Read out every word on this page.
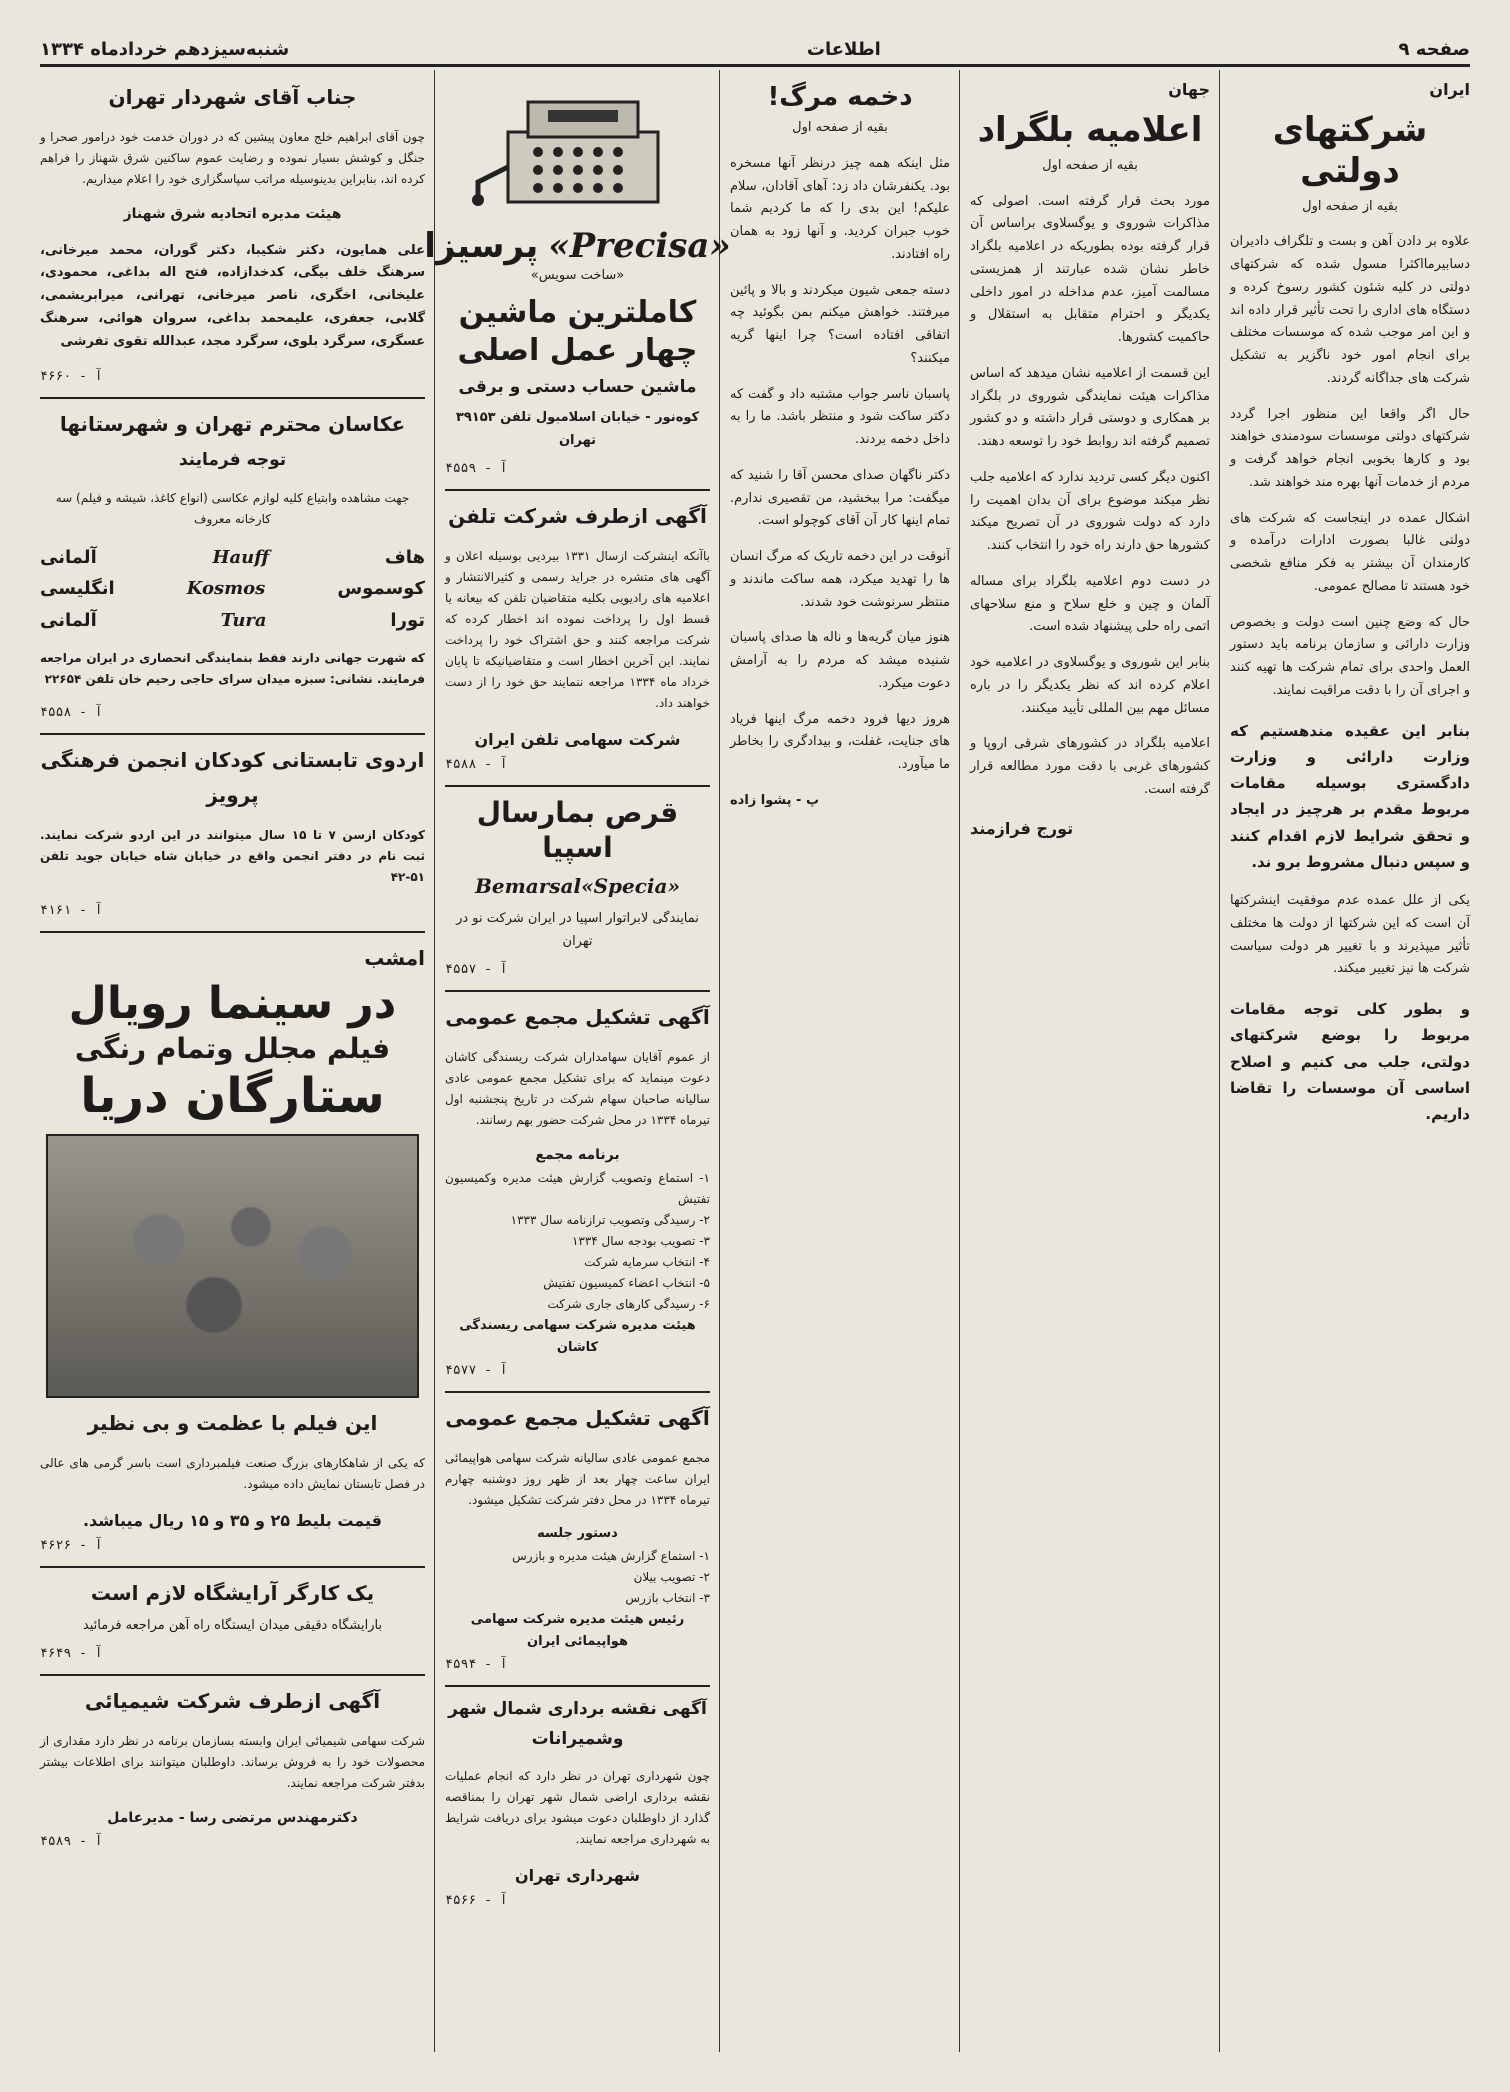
صفحه ۹
اطلاعات
شنبه‌سیزدهم خردادماه ۱۳۳۴
ایران
شرکتهای دولتی
بقیه از صفحه اول

علاوه بر دادن آهن و بست و تلگراف دادیران دسابیرمااکثرا مسول شده که شرکتهای دولتی در کلیه شئون کشور رسوخ کرده و دستگاه های اداری را تحت تأثیر قرار داده اند و این امر موجب شده که موسسات مختلف برای انجام امور خود ناگزیر به تشکیل شرکت های جداگانه گردند.

حال اگر واقعا این منظور اجرا گردد شرکتهای دولتی موسسات سودمندی خواهند بود و کارها بخوبی انجام خواهد گرفت و مردم از خدمات آنها بهره مند خواهند شد.

اشکال عمده در اینجاست که شرکت های دولتی غالبا بصورت ادارات درآمده و کارمندان آن بیشتر به فکر منافع شخصی خود هستند تا مصالح عمومی.

حال که وضع چنین است دولت و بخصوص وزارت دارائی و سازمان برنامه باید دستور العمل واحدی برای تمام شرکت ها تهیه کنند و اجرای آن را با دقت مراقبت نمایند.

بنابر این عقیده مندهستیم که وزارت دارائی و وزارت دادگستری بوسیله مقامات مربوط مقدم بر هرچیز در ایجاد و تحقق شرایط لازم اقدام کنند و سپس دنبال مشروط برو ند.

یکی از علل عمده عدم موفقیت اینشرکتها آن است که این شرکتها از دولت ها مختلف تأثیر میپذیرند و با تغییر هر دولت سیاست شرکت ها نیز تغییر میکند.

و بطور کلی توجه مقامات مربوط را بوضع شرکتهای دولتی، جلب می کنیم و اصلاح اساسی آن موسسات را تقاضا داریم.

جهان
اعلامیه بلگراد
بقیه از صفحه اول

مورد بحث قرار گرفته است. اصولی که مذاکرات شوروی و یوگسلاوی براساس آن قرار گرفته بوده بطوریکه در اعلامیه بلگراد خاطر نشان شده عبارتند از همزیستی مسالمت آمیز، عدم مداخله در امور داخلی یکدیگر و احترام متقابل به استقلال و حاکمیت کشورها.

این قسمت از اعلامیه نشان میدهد که اساس مذاکرات هیئت نمایندگی شوروی در بلگراد بر همکاری و دوستی قرار داشته و دو کشور تصمیم گرفته اند روابط خود را توسعه دهند.

اکنون دیگر کسی تردید ندارد که اعلامیه جلب نظر میکند موضوع برای آن بدان اهمیت را دارد که دولت شوروی در آن تصریح میکند کشورها حق دارند راه خود را انتخاب کنند.

در دست دوم اعلامیه بلگراد برای مساله آلمان و چین و خلع سلاح و منع سلاحهای اتمی راه حلی پیشنهاد شده است.

بنابر این شوروی و یوگسلاوی در اعلامیه خود اعلام کرده اند که نظر یکدیگر را در باره مسائل مهم بین المللی تأیید میکنند.

اعلامیه بلگراد در کشورهای شرقی اروپا و کشورهای غربی با دقت مورد مطالعه قرار گرفته است.

تورج فرازمند
دخمه مرگ!
بقیه از صفحه اول

مثل اینکه همه چیز درنظر آنها مسخره بود. یکنفرشان داد زد: آهای آقادان، سلام علیکم! این بدی را که ما کردیم شما خوب جبران کردید. و آنها زود به همان راه افتادند.

دسته جمعی شیون میکردند و بالا و پائین میرفتند. خواهش میکنم بمن بگوئید چه اتفاقی افتاده است؟ چرا اینها گریه میکنند؟

پاسبان ناسر جواب مشتبه داد و گفت که دکتر ساکت شود و منتظر باشد. ما را به داخل دخمه بردند.

دکتر ناگهان صدای محسن آقا را شنید که میگفت: مرا ببخشید، من تقصیری ندارم. تمام اینها کار آن آقای کوچولو است.

آنوقت در این دخمه تاریک که مرگ انسان ها را تهدید میکرد، همه ساکت ماندند و منتظر سرنوشت خود شدند.

هنوز میان گریه‌ها و ناله ها صدای پاسبان شنیده میشد که مردم را به آرامش دعوت میکرد.

هروز دیها فرود دخمه مرگ اینها فریاد های جنایت، غفلت، و بیدادگری را بخاطر ما میآورد.

پ - پشوا زاده
«Precisa»
پرسیزا
«ساخت سویس»
کاملترین ماشین چهار عمل اصلی
ماشین حساب دستی و برقی
کوه‌نور - خیابان اسلامبول تلفن ۳۹۱۵۳ تهران
آ - ۴۵۵۹
آگهی ازطرف شرکت تلفن

باآنکه اینشرکت ازسال ۱۳۳۱ بیردیی بوسیله اعلان و آگهی های متشره در جراید رسمی و کثیرالانتشار و اعلامیه های رادیویی بکلیه متقاضیان تلفن که بیعانه یا قسط اول را پرداخت نموده اند اخطار کرده که شرکت مراجعه کنند و حق اشتراک خود را پرداخت نمایند. این آخرین اخطار است و متقاضیانیکه تا پایان خرداد ماه ۱۳۳۴ مراجعه ننمایند حق خود را از دست خواهند داد.

شرکت سهامی تلفن ایران
آ - ۴۵۸۸
قرص بمارسال اسپیا
Bemarsal«Specia»
نمایندگی لابراتوار اسپیا در ایران شرکت نو در تهران
آ - ۴۵۵۷
آگهی تشکیل مجمع عمومی

از عموم آقایان سهامداران شرکت ریسندگی کاشان دعوت مینماید که برای تشکیل مجمع عمومی عادی سالیانه صاحبان سهام شرکت در تاریخ پنجشنبه اول تیرماه ۱۳۳۴ در محل شرکت حضور بهم رسانند.

برنامه مجمع
۱- استماع وتصویب گزارش هیئت مدیره وکمیسیون تفتیش
۲- رسیدگی وتصویب ترازنامه سال ۱۳۳۳
۳- تصویب بودجه سال ۱۳۳۴
۴- انتخاب سرمایه شرکت
۵- انتخاب اعضاء کمیسیون تفتیش
۶- رسیدگی کارهای جاری شرکت
هیئت مدیره شرکت سهامی ریسندگی کاشان
آ - ۴۵۷۷
آگهی تشکیل مجمع عمومی

مجمع عمومی عادی سالیانه شرکت سهامی هواپیمائی ایران ساعت چهار بعد از ظهر روز دوشنبه چهارم تیرماه ۱۳۳۴ در محل دفتر شرکت تشکیل میشود.

دستور جلسه
۱- استماع گزارش هیئت مدیره و بازرس
۲- تصویب بیلان
۳- انتخاب بازرس
رئیس هیئت مدیره شرکت سهامی هواپیمائی ایران
آ - ۴۵۹۴
آگهی نقشه برداری شمال شهر وشمیرانات

چون شهرداری تهران در نظر دارد که انجام عملیات نقشه برداری اراضی شمال شهر تهران را بمناقصه گذارد از داوطلبان دعوت میشود برای دریافت شرایط به شهرداری مراجعه نمایند.

شهرداری تهران
آ - ۴۵۶۶
جناب آقای شهردار تهران

چون آقای ابراهیم خلج معاون پیشین که در دوران خدمت خود درامور صحرا و جنگل و کوشش بسیار نموده و رضایت عموم ساکنین شرق شهناز را فراهم کرده اند، بنابراین بدینوسیله مراتب سپاسگزاری خود را اعلام میداریم.

هیئت مدیره اتحادیه شرق شهناز

علی همایون، دکتر شکیبا، دکتر گوران، محمد میرخانی، سرهنگ خلف بیگی، کدخدازاده، فتح اله بداغی، محمودی، علیخانی، اخگری، ناصر میرخانی، تهرانی، میرابریشمی، گلابی، جعفری، علیمحمد بداغی، سروان هوائی، سرهنگ عسگری، سرگرد بلوی، سرگرد مجد، عبدالله تقوی تفرشی

آ - ۴۶۶۰
عکاسان محترم تهران و شهرستانها
توجه فرمایند

جهت مشاهده وابتیاع کلیه لوازم عکاسی (انواع کاغذ، شیشه و فیلم) سه کارخانه معروف

هاف
Hauff
آلمانی
کوسموس
Kosmos
انگلیسی
تورا
Tura
آلمانی

که شهرت جهانی دارند فقط بنمایندگی انحصاری در ایران مراجعه فرمایند. نشانی: سبزه میدان سرای حاجی رحیم خان تلفن ۲۲۶۵۴

آ - ۴۵۵۸
اردوی تابستانی کودکان انجمن فرهنگی پرویز

کودکان ازسن ۷ تا ۱۵ سال میتوانند در این اردو شرکت نمایند. ثبت نام در دفتر انجمن واقع در خیابان شاه خیابان جوید تلفن ۵۱-۴۲

آ - ۴۱۶۱
امشب
در سینما رویال
فیلم مجلل وتمام رنگی
ستارگان دریا
این فیلم با عظمت و بی نظیر

که یکی از شاهکارهای بزرگ صنعت فیلمبرداری است باسر گرمی های عالی در فصل تابستان نمایش داده میشود.

قیمت بلیط ۲۵ و ۳۵ و ۱۵ ریال میباشد.
آ - ۴۶۲۶
یک کارگر آرایشگاه لازم است
بارایشگاه دقیقی میدان ایستگاه راه آهن مراجعه فرمائید
آ - ۴۶۴۹
آگهی ازطرف شرکت شیمیائی

شرکت سهامی شیمیائی ایران وابسته بسازمان برنامه در نظر دارد مقداری از محصولات خود را به فروش برساند. داوطلبان میتوانند برای اطلاعات بیشتر بدفتر شرکت مراجعه نمایند.

دکترمهندس مرتضی رسا - مدیرعامل
آ - ۴۵۸۹
